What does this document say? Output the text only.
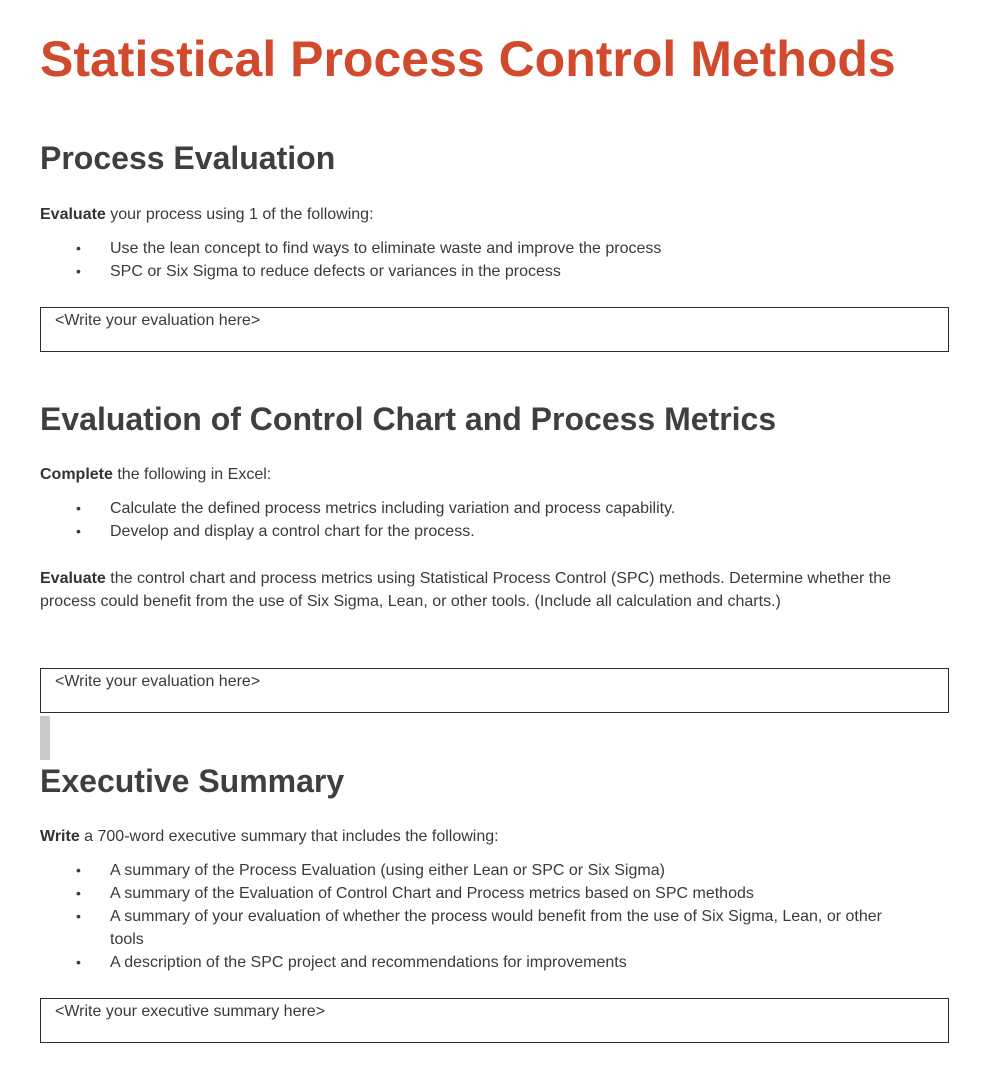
Statistical Process Control Methods
Process Evaluation

Evaluate your process using 1 of the following:

• Use the lean concept to find ways to eliminate waste and improve the process
• SPC or Six Sigma to reduce defects or variances in the process
<Write your evaluation here>
Evaluation of Control Chart and Process Metrics

Complete the following in Excel:

• Calculate the defined process metrics including variation and process capability.
• Develop and display a control chart for the process.

Evaluate the control chart and process metrics using Statistical Process Control (SPC) methods. Determine whether the process could benefit from the use of Six Sigma, Lean, or other tools. (Include all calculation and charts.)

<Write your evaluation here>
Executive Summary

Write a 700-word executive summary that includes the following:

• A summary of the Process Evaluation (using either Lean or SPC or Six Sigma)
• A summary of the Evaluation of Control Chart and Process metrics based on SPC methods
• A summary of your evaluation of whether the process would benefit from the use of Six Sigma, Lean, or other tools
• A description of the SPC project and recommendations for improvements
<Write your executive summary here>
